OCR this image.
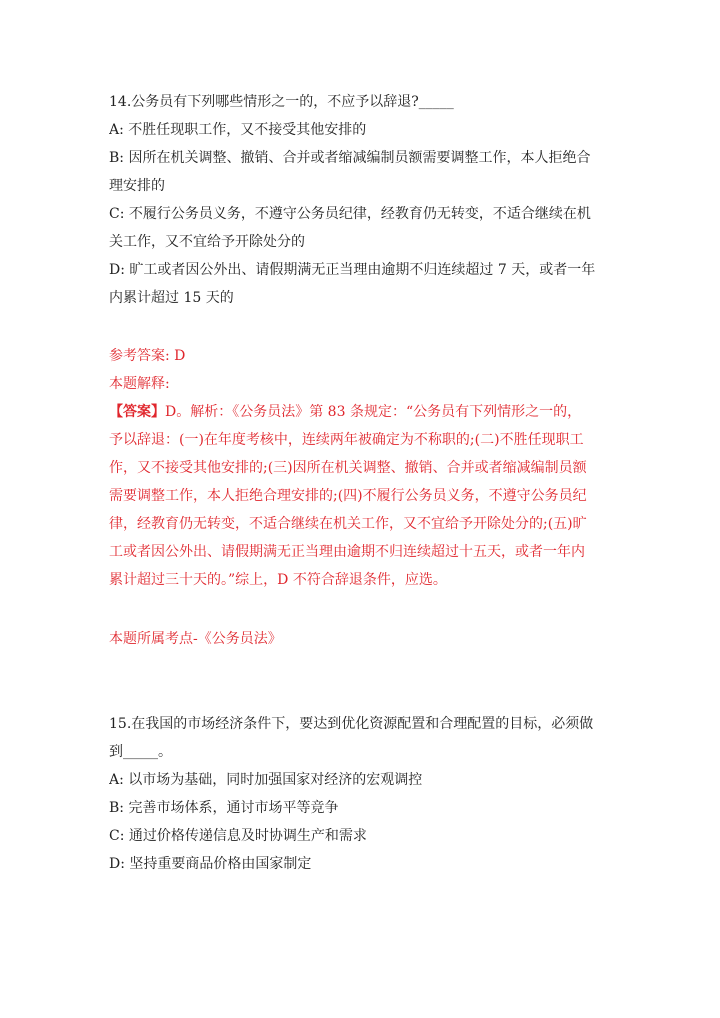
14.公务员有下列哪些情形之一的，不应予以辞退?_____
A: 不胜任现职工作，又不接受其他安排的
B: 因所在机关调整、撤销、合并或者缩减编制员额需要调整工作，本人拒绝合
理安排的
C: 不履行公务员义务，不遵守公务员纪律，经教育仍无转变，不适合继续在机
关工作，又不宜给予开除处分的
D: 旷工或者因公外出、请假期满无正当理由逾期不归连续超过 7 天，或者一年
内累计超过 15 天的
参考答案: D
本题解释:
【答案】D。解析：《公务员法》第 83 条规定：“公务员有下列情形之一的，
予以辞退：(一)在年度考核中，连续两年被确定为不称职的;(二)不胜任现职工
作，又不接受其他安排的;(三)因所在机关调整、撤销、合并或者缩减编制员额
需要调整工作，本人拒绝合理安排的;(四)不履行公务员义务，不遵守公务员纪
律，经教育仍无转变，不适合继续在机关工作，又不宜给予开除处分的;(五)旷
工或者因公外出、请假期满无正当理由逾期不归连续超过十五天，或者一年内
累计超过三十天的。”综上，D 不符合辞退条件，应选。
本题所属考点-《公务员法》
15.在我国的市场经济条件下，要达到优化资源配置和合理配置的目标，必须做
到_____。
A: 以市场为基础，同时加强国家对经济的宏观调控
B: 完善市场体系，通讨市场平等竞争
C: 通过价格传递信息及时协调生产和需求
D: 坚持重要商品价格由国家制定
